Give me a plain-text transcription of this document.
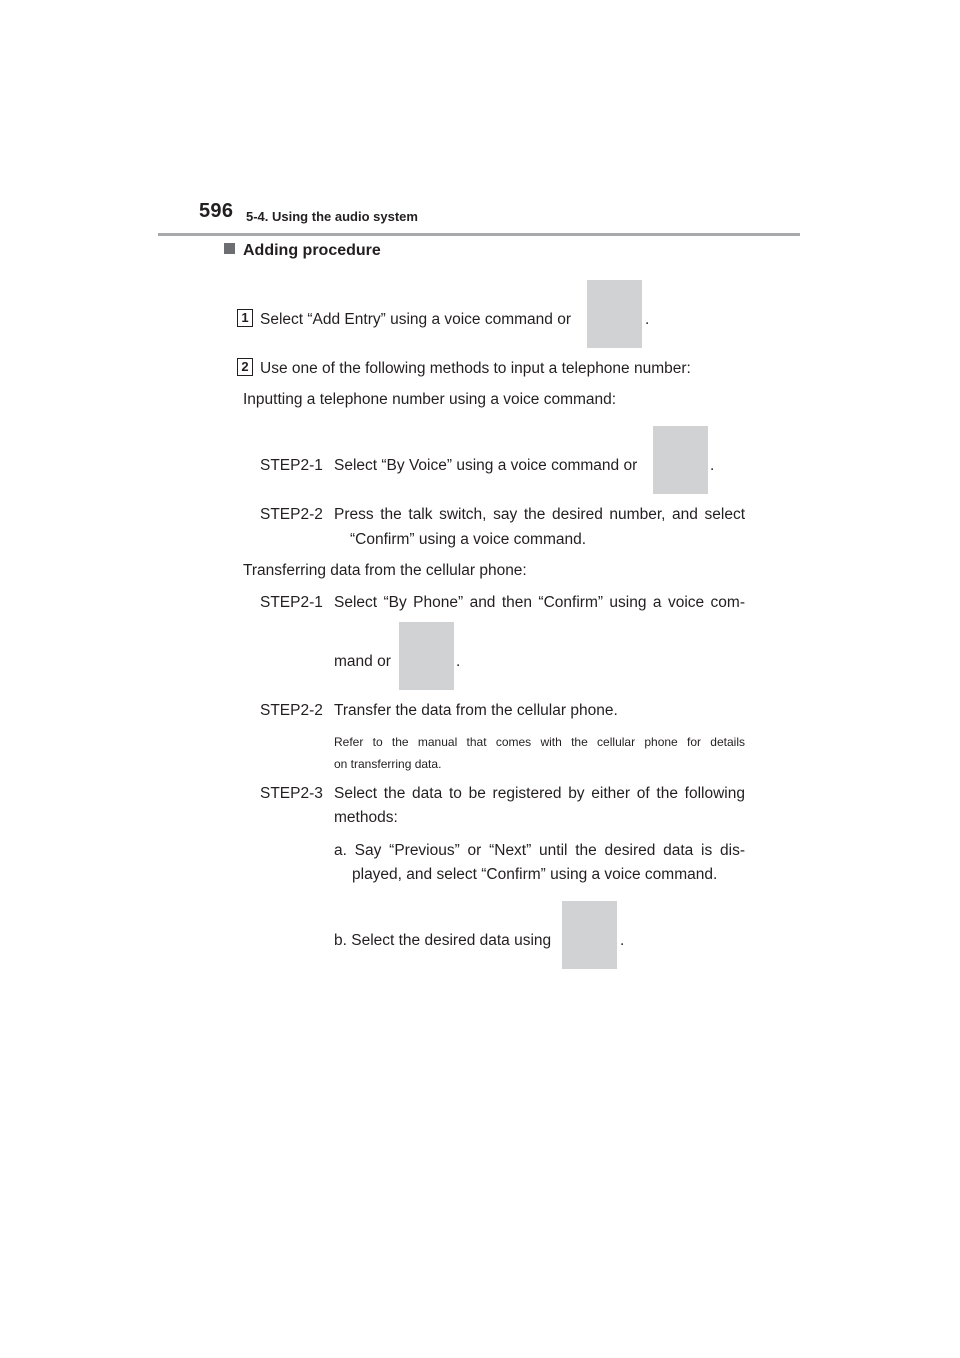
596 5-4. Using the audio system
Adding procedure
1 Select “Add Entry” using a voice command or	.
2 Use one of the following methods to input a telephone number:
Inputting a telephone number using a voice command:
STEP2-1 Select “By Voice” using a voice command or	.
STEP2-2 Press the talk switch, say the desired number, and select
“Confirm” using a voice command.
Transferring data from the cellular phone:
STEP2-1 Select “By Phone” and then “Confirm” using a voice com-
mand or	.
STEP2-2 Transfer the data from the cellular phone.
Refer to the manual that comes with the cellular phone for details
on transferring data.
STEP2-3 Select the data to be registered by either of the following
methods:
a. Say “Previous” or “Next” until the desired data is dis-
played, and select “Confirm” using a voice command.
b. Select the desired data using	.
